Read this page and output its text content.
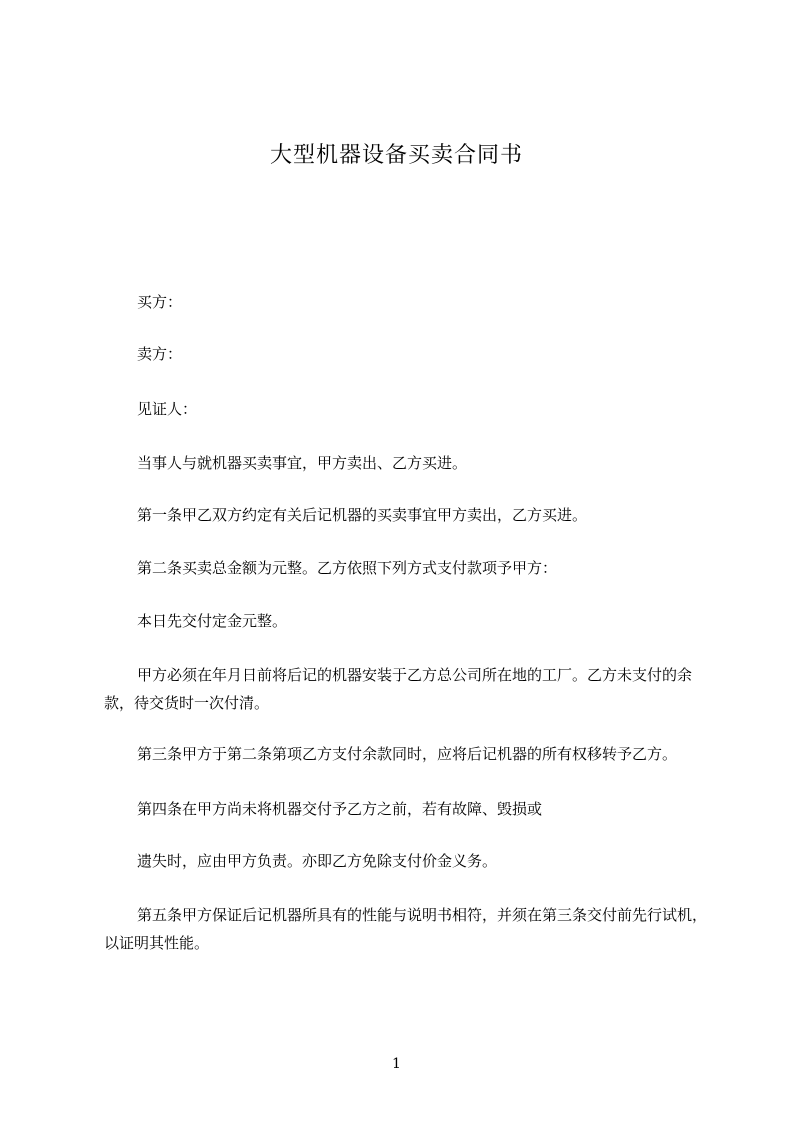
大型机器设备买卖合同书
买方：
卖方：
见证人：
当事人与就机器买卖事宜，甲方卖出、乙方买进。
第一条甲乙双方约定有关后记机器的买卖事宜甲方卖出，乙方买进。
第二条买卖总金额为元整。乙方依照下列方式支付款项予甲方：
本日先交付定金元整。
甲方必须在年月日前将后记的机器安装于乙方总公司所在地的工厂。乙方未支付的余款，待交货时一次付清。
第三条甲方于第二条第项乙方支付余款同时，应将后记机器的所有权移转予乙方。
第四条在甲方尚未将机器交付予乙方之前，若有故障、毁损或
遗失时，应由甲方负责。亦即乙方免除支付价金义务。
第五条甲方保证后记机器所具有的性能与说明书相符，并须在第三条交付前先行试机，以证明其性能。
1
